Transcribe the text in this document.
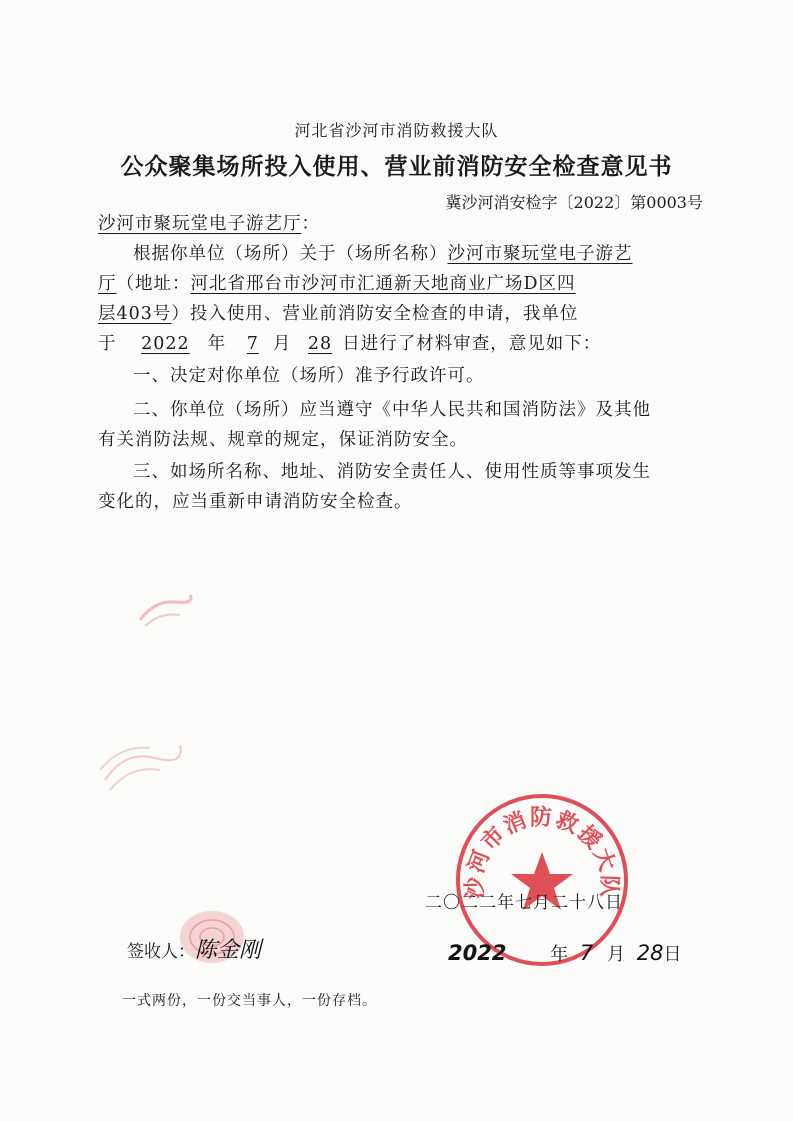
河北省沙河市消防救援大队
公众聚集场所投入使用、营业前消防安全检查意见书
冀沙河消安检字〔2022〕第0003号
沙河市聚玩堂电子游艺厅：
根据你单位（场所）关于（场所名称）沙河市聚玩堂电子游艺
厅（地址：河北省邢台市沙河市汇通新天地商业广场D区四
层403号）投入使用、营业前消防安全检查的申请，我单位
于 2022 年 7 月 28 日进行了材料审查，意见如下：
一、决定对你单位（场所）准予行政许可。
二、你单位（场所）应当遵守《中华人民共和国消防法》及其他
有关消防法规、规章的规定，保证消防安全。
三、如场所名称、地址、消防安全责任人、使用性质等事项发生
变化的，应当重新申请消防安全检查。
沙河市消防救援大队
二〇二二年七月二十八日
签收人：陈金刚	2022 年 7 月 28日
一式两份，一份交当事人，一份存档。
